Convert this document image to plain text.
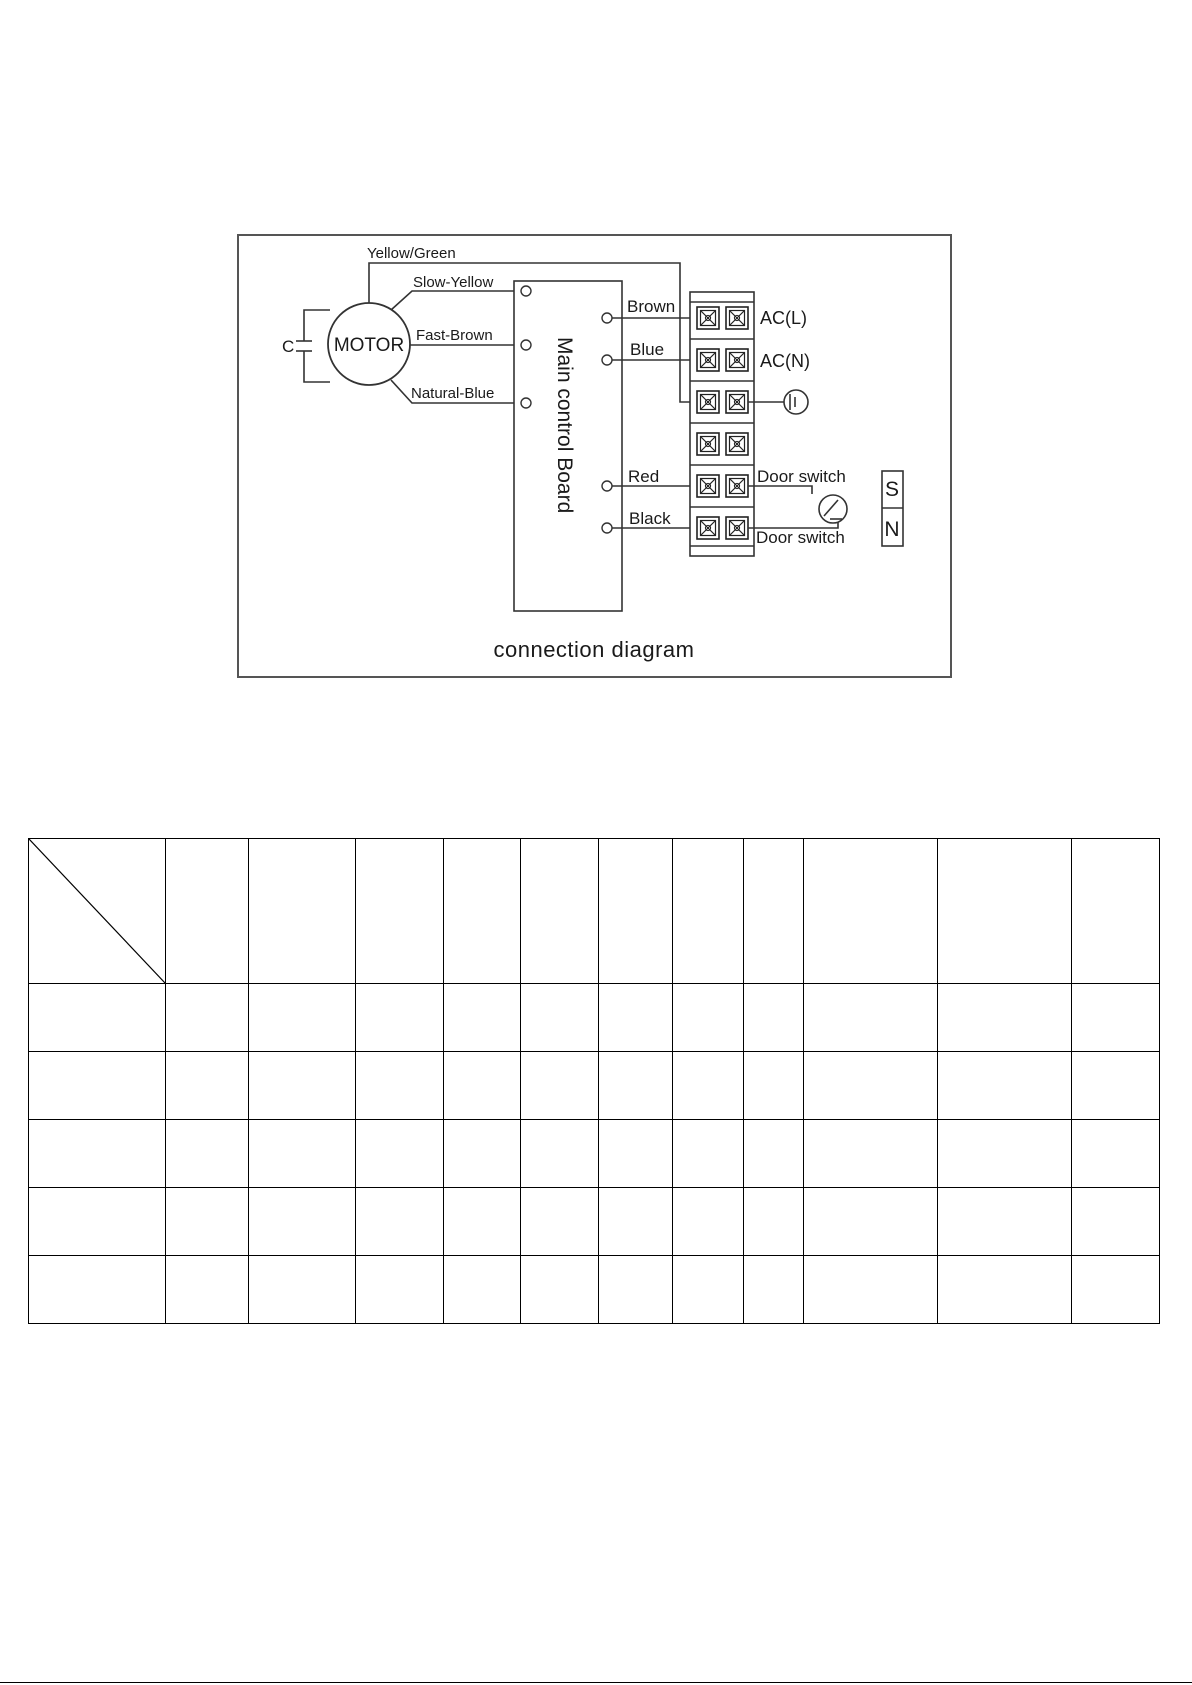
C MOTOR
Yellow/Green
Slow-Yellow
Fast-Brown
Natural-Blue	Main control Board
Brown
Blue
Red
Black
AC(L)
AC(N)
Door switch
Door switch
S
N
connection diagram
